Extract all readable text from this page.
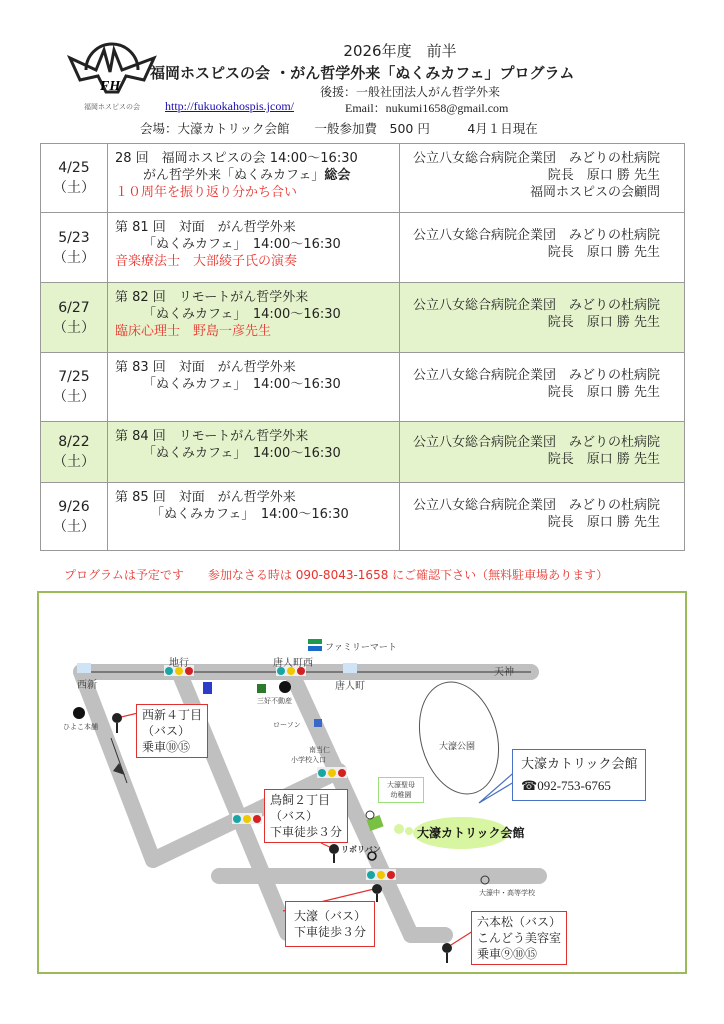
FH
福岡ホスピスの会
2026年度　前半
福岡ホスピスの会 ・がん哲学外来「ぬくみカフェ」プログラム
後援：一般社団法人がん哲学外来
http://fukuokahospis.jcom/	Email：nukumi1658@gmail.com
会場：大濠カトリック会館　　一般参加費　500 円　　　4月１日現在
4/25
（土）	28 回　福岡ホスピスの会 14:00〜16:30

がん哲学外来「ぬくみカフェ」総会
１０周年を振り返り分かち合い	公立八女総合病院企業団　みどりの杜病院
院長　原口 勝 先生
福岡ホスピスの会顧問
5/23
（土）	第 81 回　対面　がん哲学外来
「ぬくみカフェ」　14:00〜16:30
音楽療法士　大部綾子氏の演奏	公立八女総合病院企業団　みどりの杜病院
院長　原口 勝 先生
6/27
（土）	第 82 回　リモートがん哲学外来
「ぬくみカフェ」　14:00〜16:30
臨床心理士　野島一彦先生	公立八女総合病院企業団　みどりの杜病院
院長　原口 勝 先生
7/25
（土）	第 83 回　対面　がん哲学外来
「ぬくみカフェ」　14:00〜16:30	公立八女総合病院企業団　みどりの杜病院
院長　原口 勝 先生
8/22
（土）	第 84 回　リモートがん哲学外来
「ぬくみカフェ」　14:00〜16:30	公立八女総合病院企業団　みどりの杜病院
院長　原口 勝 先生
9/26
（土）	第 85 回　対面　がん哲学外来
「ぬくみカフェ」　14:00〜16:30	公立八女総合病院企業団　みどりの杜病院
院長　原口 勝 先生
プログラムは予定です　　参加なさる時は 090-8043-1658 にご確認下さい（無料駐車場あります）
西新
地行	唐人町西
唐人町
天神
ファミリーマート
三好不動産
ひよこ本舗	ローソン
南当仁
小学校入口
大濠公園
大濠聖母
幼稚園
リボリバン
大濠中・高等学校
大濠カトリック会館
西新４丁目
（バス）
乗車⑩⑮
鳥飼２丁目
（バス）
下車徒歩３分
大濠（バス）
下車徒歩３分
六本松（バス）
こんどう美容室
乗車⑨⑩⑮
大濠カトリック会館
☎092-753-6765
